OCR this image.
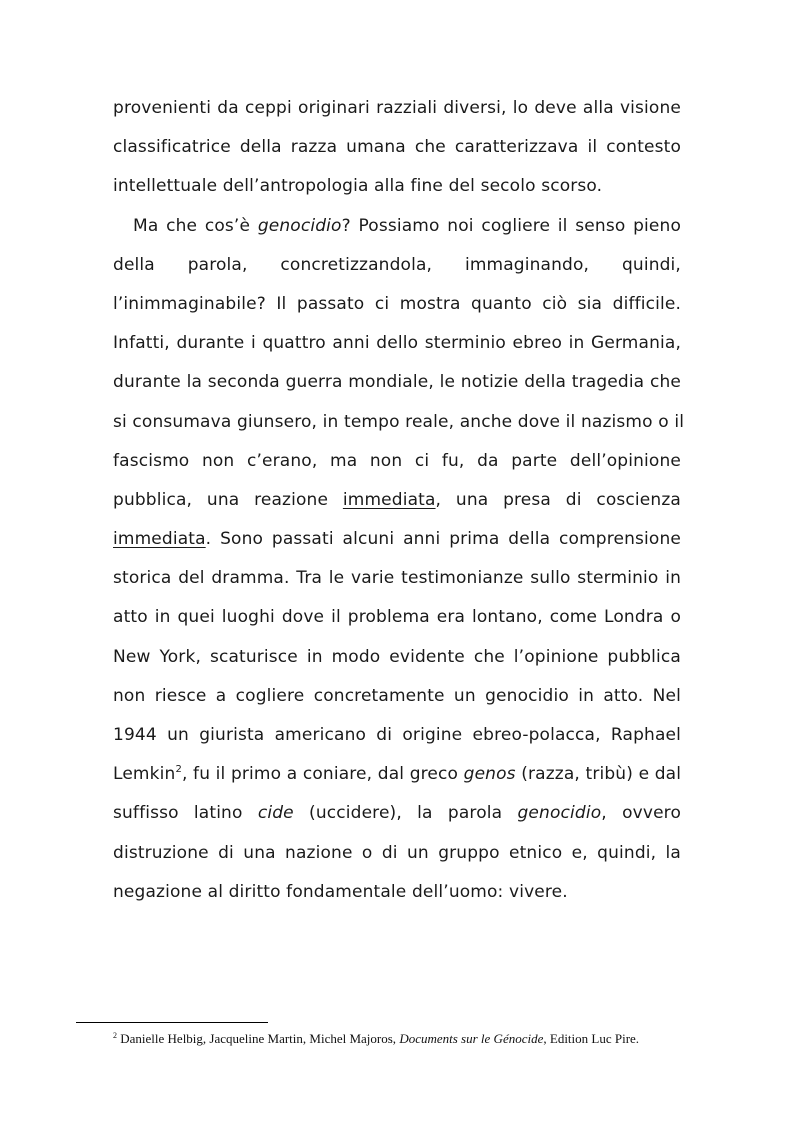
provenienti da ceppi originari razziali diversi, lo deve alla visione
classificatrice della razza umana che caratterizzava il contesto
intellettuale dell’antropologia alla fine del secolo scorso.
Ma che cos’è genocidio? Possiamo noi cogliere il senso pieno
della parola, concretizzandola, immaginando, quindi,
l’inimmaginabile? Il passato ci mostra quanto ciò sia difficile.
Infatti, durante i quattro anni dello sterminio ebreo in Germania,
durante la seconda guerra mondiale, le notizie della tragedia che
si consumava giunsero, in tempo reale, anche dove il nazismo o il
fascismo non c’erano, ma non ci fu, da parte dell’opinione
pubblica, una reazione immediata, una presa di coscienza
immediata. Sono passati alcuni anni prima della comprensione
storica del dramma. Tra le varie testimonianze sullo sterminio in
atto in quei luoghi dove il problema era lontano, come Londra o
New York, scaturisce in modo evidente che l’opinione pubblica
non riesce a cogliere concretamente un genocidio in atto. Nel
1944 un giurista americano di origine ebreo-polacca, Raphael
Lemkin$^2$, fu il primo a coniare, dal greco genos (razza, tribù) e dal
suffisso latino cide (uccidere), la parola genocidio, ovvero
distruzione di una nazione o di un gruppo etnico e, quindi, la
negazione al diritto fondamentale dell’uomo: vivere.
$^2$ Danielle Helbig, Jacqueline Martin, Michel Majoros, Documents sur le Génocide, Edition Luc Pire.
